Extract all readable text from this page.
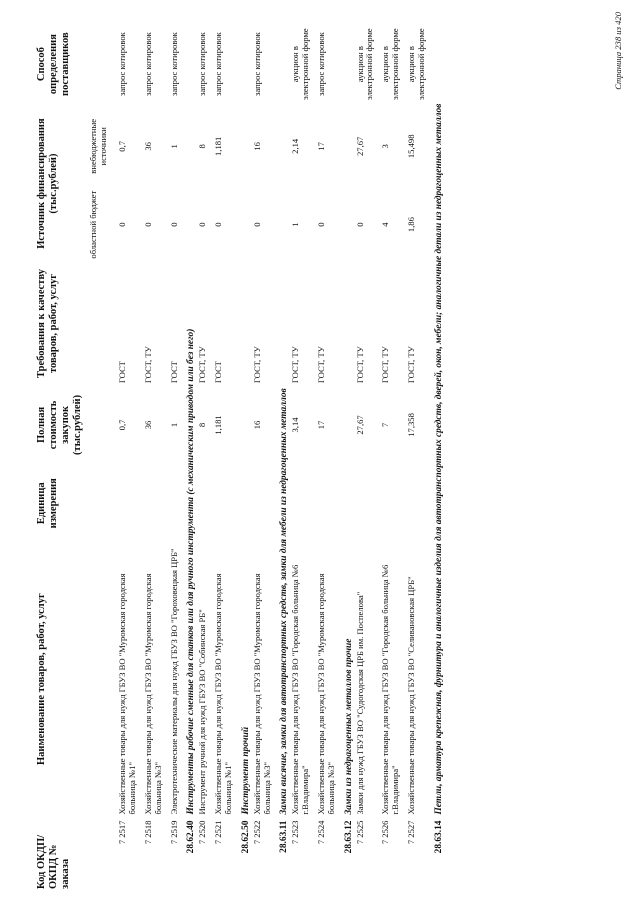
Код ОКДП/ ОКПД № заказа	Наименование товаров, работ, услуг	Единица измерения	Полная стоимость закупок (тыс.рублей)	Требования к качеству товаров, работ, услуг	Источник финансирования (тыс.рублей)		Способ определения поставщиков
					областной бюджет	внебюджетные источники	
7 2517	Хозяйственные товары для нужд ГБУЗ ВО "Муромская городская больница №1"		0,7	ГОСТ	0	0,7	запрос котировок
7 2518	Хозяйственные товары для нужд ГБУЗ ВО "Муромская городская больница №3"		36	ГОСТ, ТУ	0	36	запрос котировок
7 2519	Электротехнические материалы для нужд ГБУЗ ВО "Гороховецкая ЦРБ"		1	ГОСТ	0	1	запрос котировок
28.62.40	Инструменты рабочие сменные для станков или для ручного инструмента (с механическим приводом или без него)						
7 2520	Инструмент ручной для нужд ГБУЗ ВО "Собинская РБ"		8	ГОСТ, ТУ	0	8	запрос котировок
7 2521	Хозяйственные товары для нужд ГБУЗ ВО "Муромская городская больница №1"		1,181	ГОСТ	0	1,181	запрос котировок
28.62.50	Инструмент прочий						
7 2522	Хозяйственные товары для нужд ГБУЗ ВО "Муромская городская больница №3"		16	ГОСТ, ТУ	0	16	запрос котировок
28.63.11	Замки висячие, замки для автотранспортных средств, замки для мебели из недрагоценных металлов						
7 2523	Хозяйственные товары для нужд ГБУЗ ВО "Городская больница №6 г.Владимира"		3,14	ГОСТ, ТУ	1	2,14	аукцион в электронной форме
7 2524	Хозяйственные товары для нужд ГБУЗ ВО "Муромская городская больница №3"		17	ГОСТ, ТУ	0	17	запрос котировок
28.63.12	Замки из недрагоценных металлов прочие						
7 2525	Замки для нужд ГБУЗ ВО "Судогодская ЦРБ им. Поспелова"		27,67	ГОСТ, ТУ	0	27,67	аукцион в электронной форме
7 2526	Хозяйственные товары для нужд ГБУЗ ВО "Городская больница №6 г.Владимира"		7	ГОСТ, ТУ	4	3	аукцион в электронной форме
7 2527	Хозяйственные товары для нужд ГБУЗ ВО "Селивановская ЦРБ"		17,358	ГОСТ, ТУ	1,86	15,498	аукцион в электронной форме
28.63.14	Петли, арматура крепежная, фурнитура и аналогичные изделия для автотранспортных средств, дверей, окон, мебели; аналогичные детали из недрагоценных металлов						
Страница 238 из 420
